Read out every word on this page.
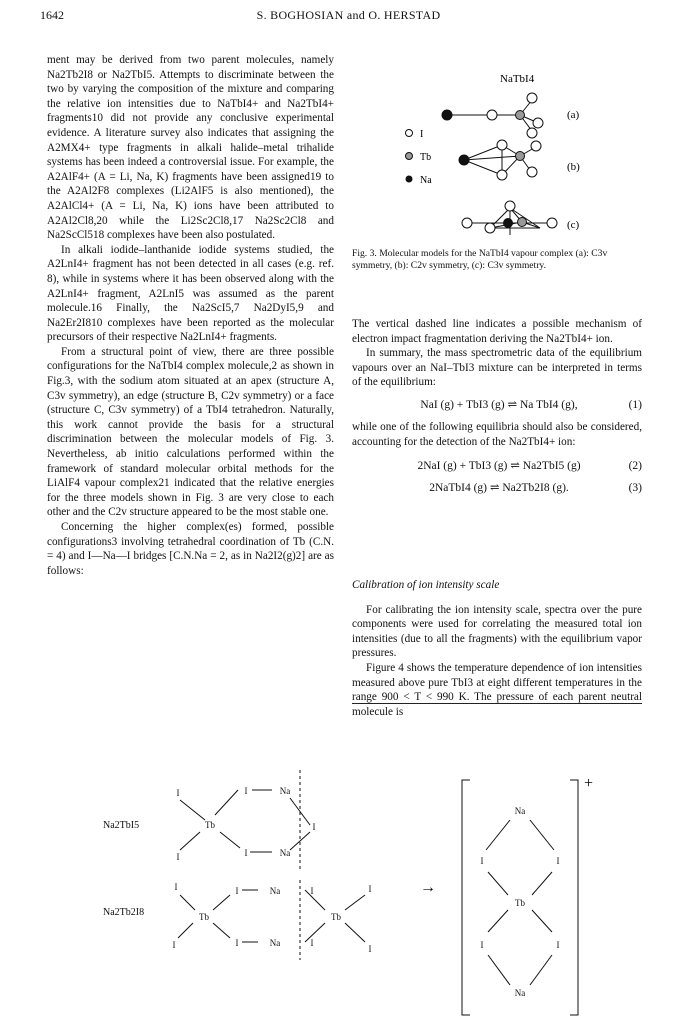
1642	S. BOGHOSIAN and O. HERSTAD

ment may be derived from two parent molecules, namely Na2Tb2I8 or Na2TbI5. Attempts to discriminate between the two by varying the composition of the mixture and comparing the relative ion intensities due to NaTbI4+ and Na2TbI4+ fragments10 did not provide any conclusive experimental evidence. A literature survey also indicates that assigning the A2MX4+ type fragments in alkali halide–metal trihalide systems has been indeed a controversial issue. For example, the A2AlF4+ (A = Li, Na, K) fragments have been assigned19 to the A2Al2F8 complexes (Li2AlF5 is also mentioned), the A2AlCl4+ (A = Li, Na, K) ions have been attributed to A2Al2Cl8,20 while the Li2Sc2Cl8,17 Na2Sc2Cl8 and Na2ScCl518 complexes have been also postulated.

In alkali iodide–lanthanide iodide systems studied, the A2LnI4+ fragment has not been detected in all cases (e.g. ref. 8), while in systems where it has been observed along with the A2LnI4+ fragment, A2LnI5 was assumed as the parent molecule.16 Finally, the Na2ScI5,7 Na2DyI5,9 and Na2Er2I810 complexes have been reported as the molecular precursors of their respective Na2LnI4+ fragments.

From a structural point of view, there are three possible configurations for the NaTbI4 complex molecule,2 as shown in Fig.3, with the sodium atom situated at an apex (structure A, C3v symmetry), an edge (structure B, C2v symmetry) or a face (structure C, C3v symmetry) of a TbI4 tetrahedron. Naturally, this work cannot provide the basis for a structural discrimination between the molecular models of Fig. 3. Nevertheless, ab initio calculations performed within the framework of standard molecular orbital methods for the LiAlF4 vapour complex21 indicated that the relative energies for the three models shown in Fig. 3 are very close to each other and the C2v structure appeared to be the most stable one.

Concerning the higher complex(es) formed, possible configurations3 involving tetrahedral coordination of Tb (C.N. = 4) and I—Na—I bridges [C.N.Na = 2, as in Na2I2(g)2] are as follows:

NaTbI4
I
Tb
Na
(a)
(b)
(c)
Fig. 3. Molecular models for the NaTbI4 vapour complex (a): C3v symmetry, (b): C2v symmetry, (c): C3v symmetry.

The vertical dashed line indicates a possible mechanism of electron impact fragmentation deriving the Na2TbI4+ ion.

In summary, the mass spectrometric data of the equilibrium vapours over an NaI–TbI3 mixture can be interpreted in terms of the equilibrium:

NaI (g) + TbI3 (g) ⇌ Na TbI4 (g),	(1)

while one of the following equilibria should also be considered, accounting for the detection of the Na2TbI4+ ion:

2NaI (g) + TbI3 (g) ⇌ Na2TbI5 (g)	(2)
2NaTbI4 (g) ⇌ Na2Tb2I8 (g).	(3)
Calibration of ion intensity scale

For calibrating the ion intensity scale, spectra over the pure components were used for correlating the measured total ion intensities (due to all the fragments) with the equilibrium vapor pressures.

Figure 4 shows the temperature dependence of ion intensities measured above pure TbI3 at eight different temperatures in the range 900 < T < 990 K. The pressure of each parent neutral molecule is

Na2TbI5
Na2Tb2I8
I	I	Na
Tb
I	I	Na
I
I
Tb
I
I	Na	I
I	Na	I
Tb
I
I
Na
I	I
Tb
I	I
Na
→
+
